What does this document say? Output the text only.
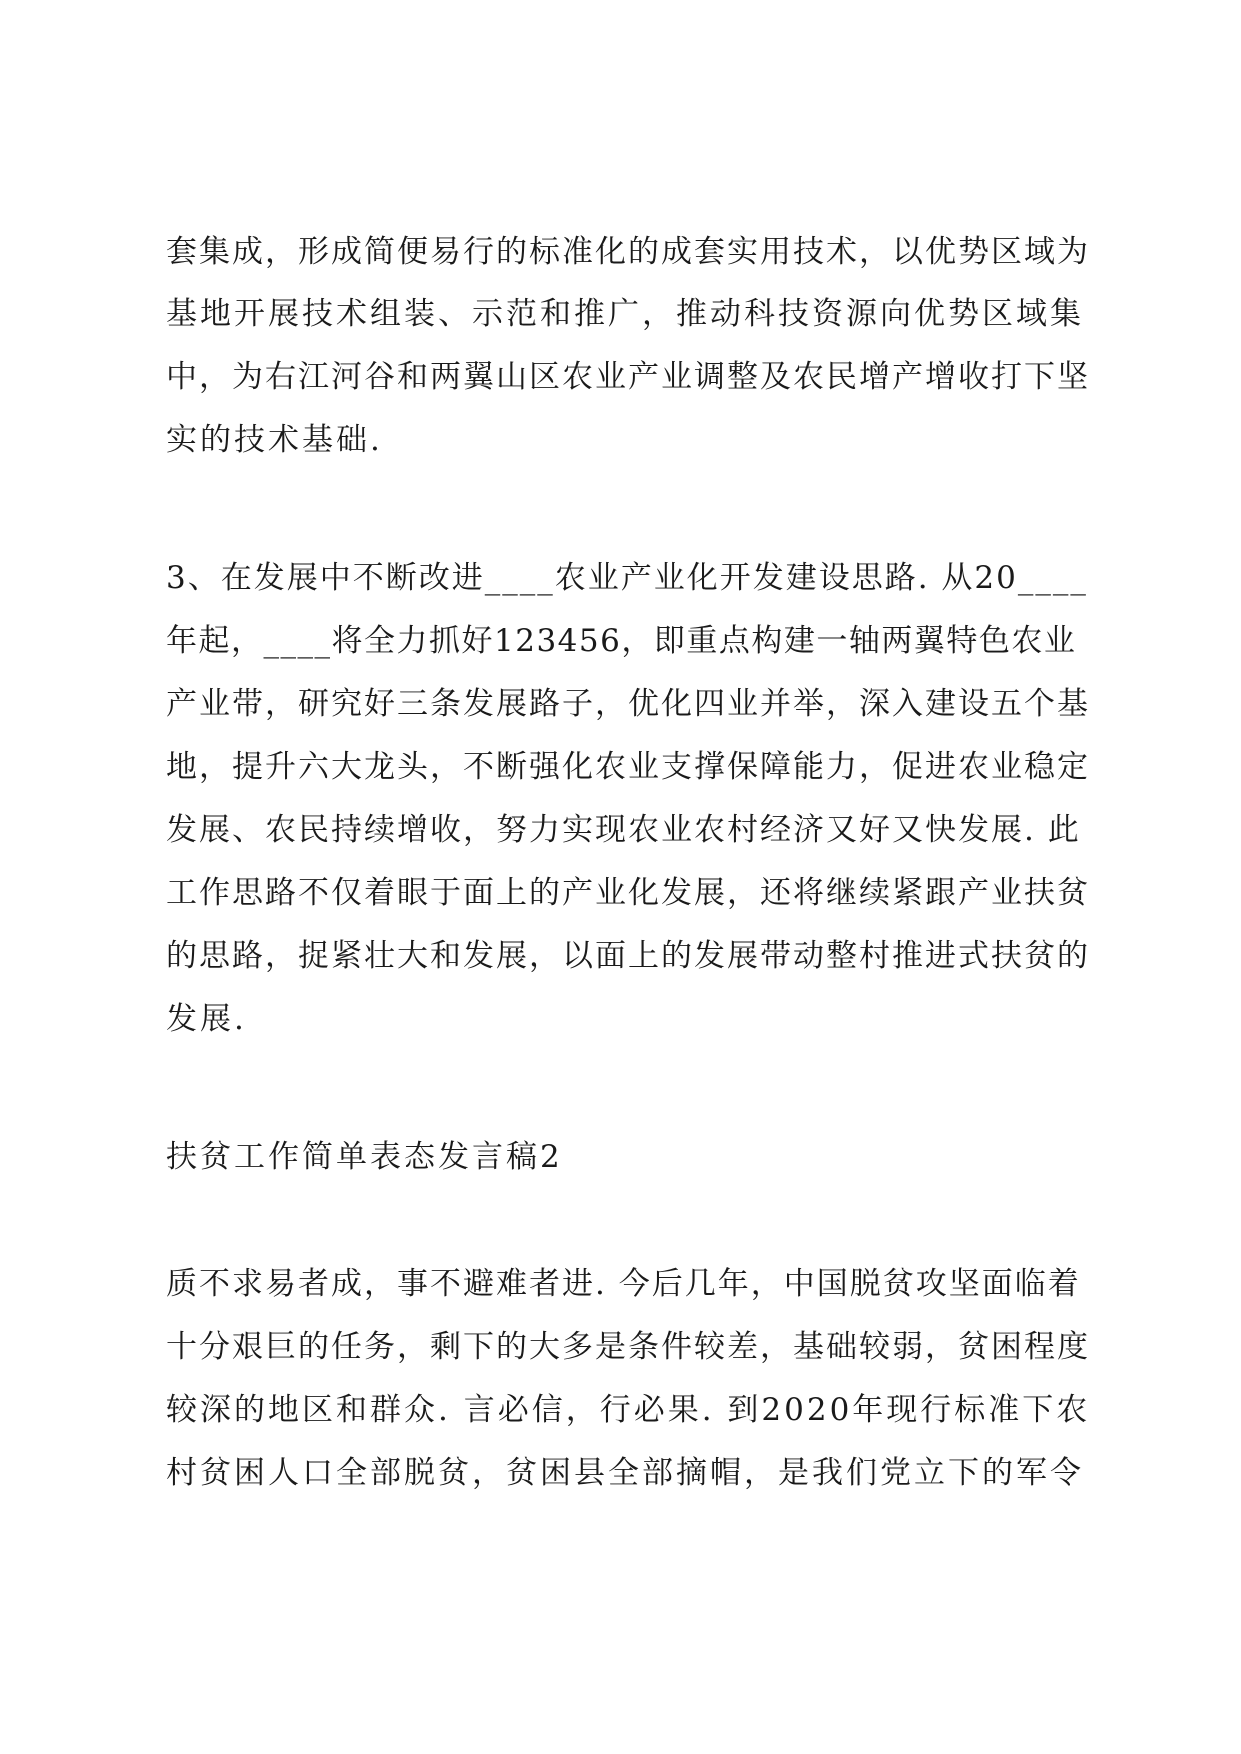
套集成，形成简便易行的标准化的成套实用技术，以优势区域为
基地开展技术组装、示范和推广，推动科技资源向优势区域集
中，为右江河谷和两翼山区农业产业调整及农民增产增收打下坚
实的技术基础.
3、在发展中不断改进____农业产业化开发建设思路. 从20____
年起，____将全力抓好123456，即重点构建一轴两翼特色农业
产业带，研究好三条发展路子，优化四业并举，深入建设五个基
地，提升六大龙头，不断强化农业支撑保障能力，促进农业稳定
发展、农民持续增收，努力实现农业农村经济又好又快发展. 此
工作思路不仅着眼于面上的产业化发展，还将继续紧跟产业扶贫
的思路，捉紧壮大和发展，以面上的发展带动整村推进式扶贫的
发展.
扶贫工作简单表态发言稿2
质不求易者成，事不避难者进. 今后几年，中国脱贫攻坚面临着
十分艰巨的任务，剩下的大多是条件较差，基础较弱，贫困程度
较深的地区和群众. 言必信，行必果. 到2020年现行标准下农
村贫困人口全部脱贫，贫困县全部摘帽，是我们党立下的军令
